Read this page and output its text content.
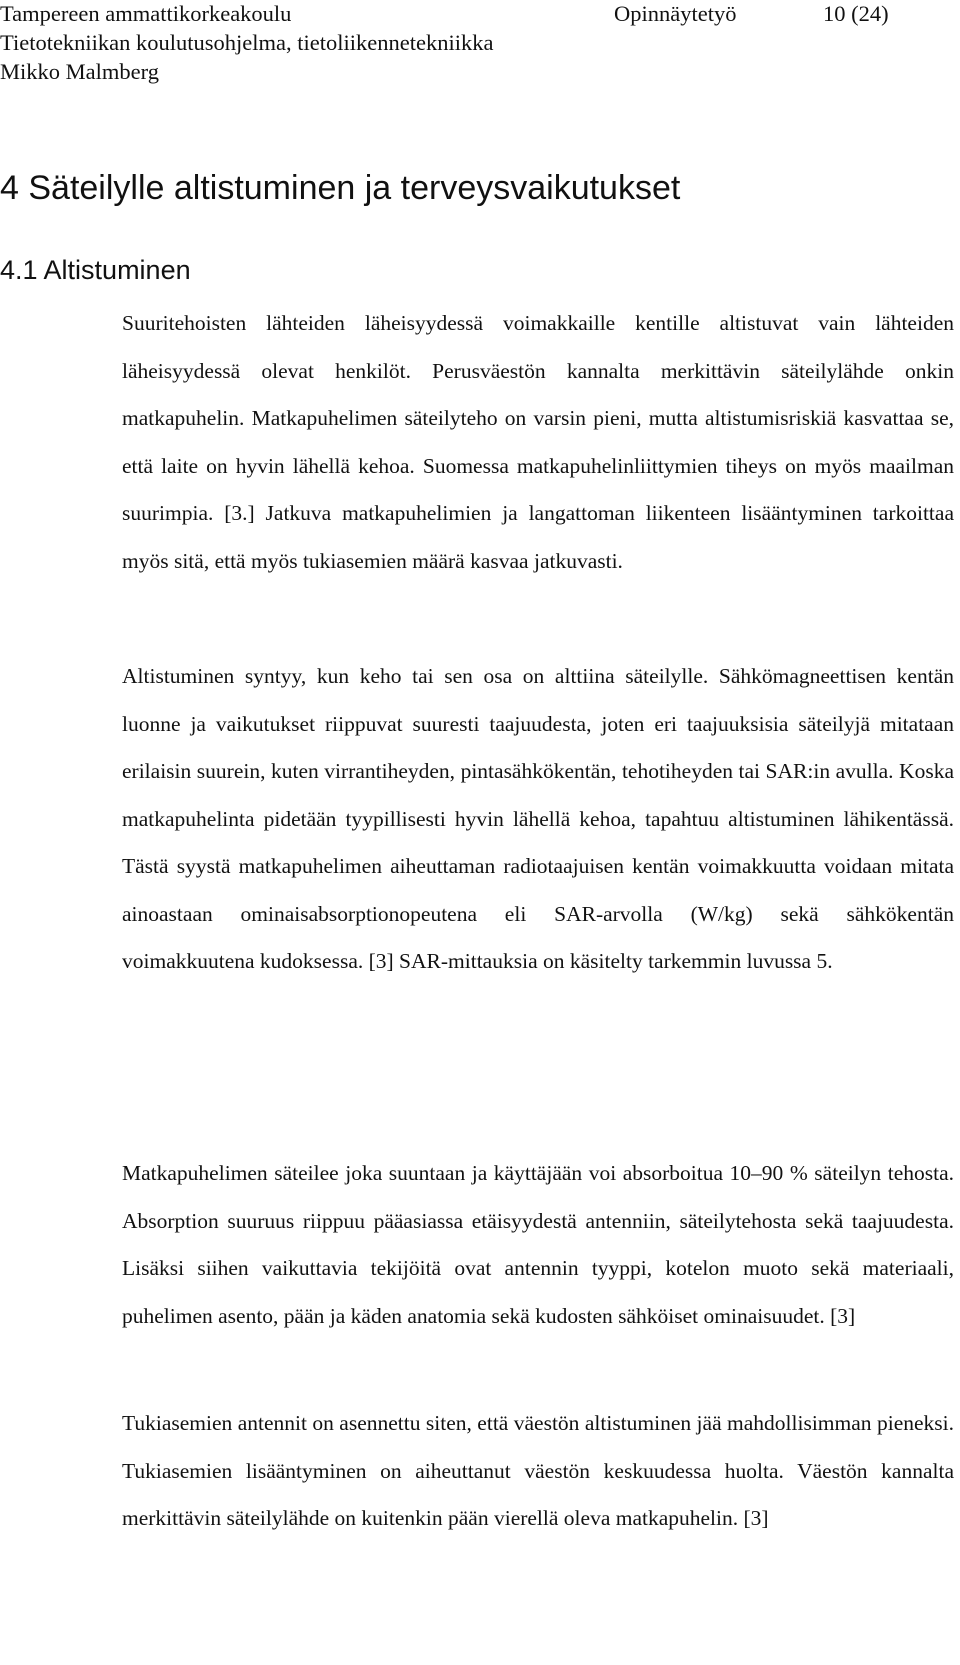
Tampereen ammattikorkeakoulu	Opinnäytetyö	10 (24)
Tietotekniikan koulutusohjelma, tietoliikennetekniikka
Mikko Malmberg
4 Säteilylle altistuminen ja terveysvaikutukset
4.1 Altistuminen

Suuritehoisten lähteiden läheisyydessä voimakkaille kentille altistuvat vain lähteiden läheisyydessä olevat henkilöt. Perusväestön kannalta merkittävin säteilylähde onkin matkapuhelin. Matkapuhelimen säteilyteho on varsin pieni, mutta altistumisriskiä kasvattaa se, että laite on hyvin lähellä kehoa. Suomessa matkapuhelinliittymien tiheys on myös maailman suurimpia. [3.] Jatkuva matkapuhelimien ja langattoman liikenteen lisääntyminen tarkoittaa myös sitä, että myös tukiasemien määrä kasvaa jatkuvasti.

Altistuminen syntyy, kun keho tai sen osa on alttiina säteilylle. Sähkömagneettisen kentän luonne ja vaikutukset riippuvat suuresti taajuudesta, joten eri taajuuksisia säteilyjä mitataan erilaisin suurein, kuten virrantiheyden, pintasähkökentän, tehotiheyden tai SAR:in avulla. Koska matkapuhelinta pidetään tyypillisesti hyvin lähellä kehoa, tapahtuu altistuminen lähikentässä. Tästä syystä matkapuhelimen aiheuttaman radiotaajuisen kentän voimakkuutta voidaan mitata ainoastaan ominaisabsorptionopeutena eli SAR-arvolla (W/kg) sekä sähkökentän voimakkuutena kudoksessa. [3] SAR-mittauksia on käsitelty tarkemmin luvussa 5.

Matkapuhelimen säteilee joka suuntaan ja käyttäjään voi absorboitua 10–90 % säteilyn tehosta. Absorption suuruus riippuu pääasiassa etäisyydestä antenniin, säteilytehosta sekä taajuudesta. Lisäksi siihen vaikuttavia tekijöitä ovat antennin tyyppi, kotelon muoto sekä materiaali, puhelimen asento, pään ja käden anatomia sekä kudosten sähköiset ominaisuudet. [3]

Tukiasemien antennit on asennettu siten, että väestön altistuminen jää mahdollisimman pieneksi. Tukiasemien lisääntyminen on aiheuttanut väestön keskuudessa huolta. Väestön kannalta merkittävin säteilylähde on kuitenkin pään vierellä oleva matkapuhelin. [3]
